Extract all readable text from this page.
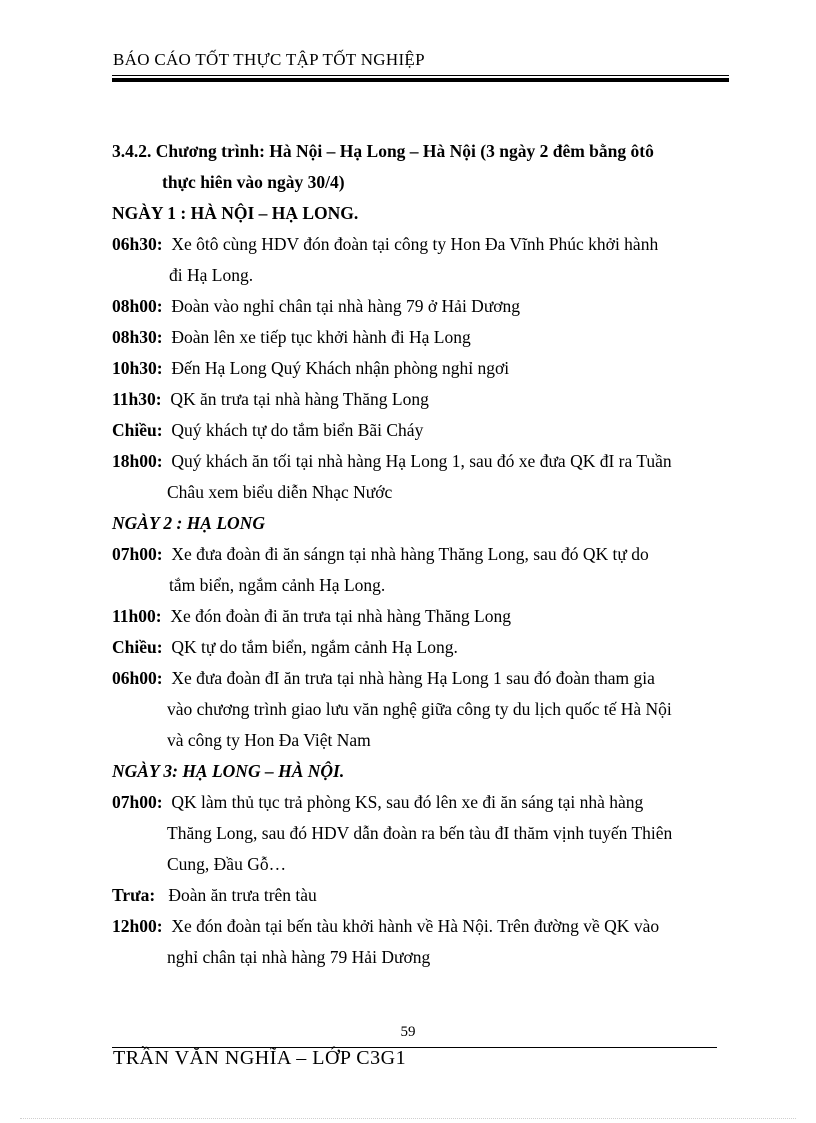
BÁO CÁO TỐT THỰC TẬP TỐT NGHIỆP
3.4.2. Chương trình: Hà Nội – Hạ Long – Hà Nội (3 ngày 2 đêm bằng ôtô
thực hiên vào ngày 30/4)
NGÀY 1 : HÀ NỘI – HẠ LONG.
06h30: Xe ôtô cùng HDV đón đoàn tại công ty Hon Đa Vĩnh Phúc khởi hành
đi Hạ Long.
08h00: Đoàn vào nghỉ chân tại nhà hàng 79 ở Hải Dương
08h30: Đoàn lên xe tiếp tục khởi hành đi Hạ Long
10h30: Đến Hạ Long Quý Khách nhận phòng nghỉ ngơi
11h30: QK ăn trưa tại nhà hàng Thăng Long
Chiều: Quý khách tự do tắm biển Bãi Cháy
18h00: Quý khách ăn tối tại nhà hàng Hạ Long 1, sau đó xe đưa QK đI ra Tuần
Châu xem biểu diễn Nhạc Nước
NGÀY 2 : HẠ LONG
07h00: Xe đưa đoàn đi ăn sángn tại nhà hàng Thăng Long, sau đó QK tự do
tắm biển, ngắm cảnh Hạ Long.
11h00: Xe đón đoàn đi ăn trưa tại nhà hàng Thăng Long
Chiều: QK tự do tắm biển, ngắm cảnh Hạ Long.
06h00: Xe đưa đoàn đI ăn trưa tại nhà hàng Hạ Long 1 sau đó đoàn tham gia
vào chương trình giao lưu văn nghệ giữa công ty du lịch quốc tế Hà Nội
và công ty Hon Đa Việt Nam
NGÀY 3: HẠ LONG – HÀ NỘI.
07h00: QK làm thủ tục trả phòng KS, sau đó lên xe đi ăn sáng tại nhà hàng
Thăng Long, sau đó HDV dẫn đoàn ra bến tàu đI thăm vịnh tuyến Thiên
Cung, Đầu Gỗ…
Trưa: Đoàn ăn trưa trên tàu
12h00: Xe đón đoàn tại bến tàu khởi hành về Hà Nội. Trên đường về QK vào
nghỉ chân tại nhà hàng 79 Hải Dương
59
TRẦN VĂN NGHĨA – LỚP C3G1
